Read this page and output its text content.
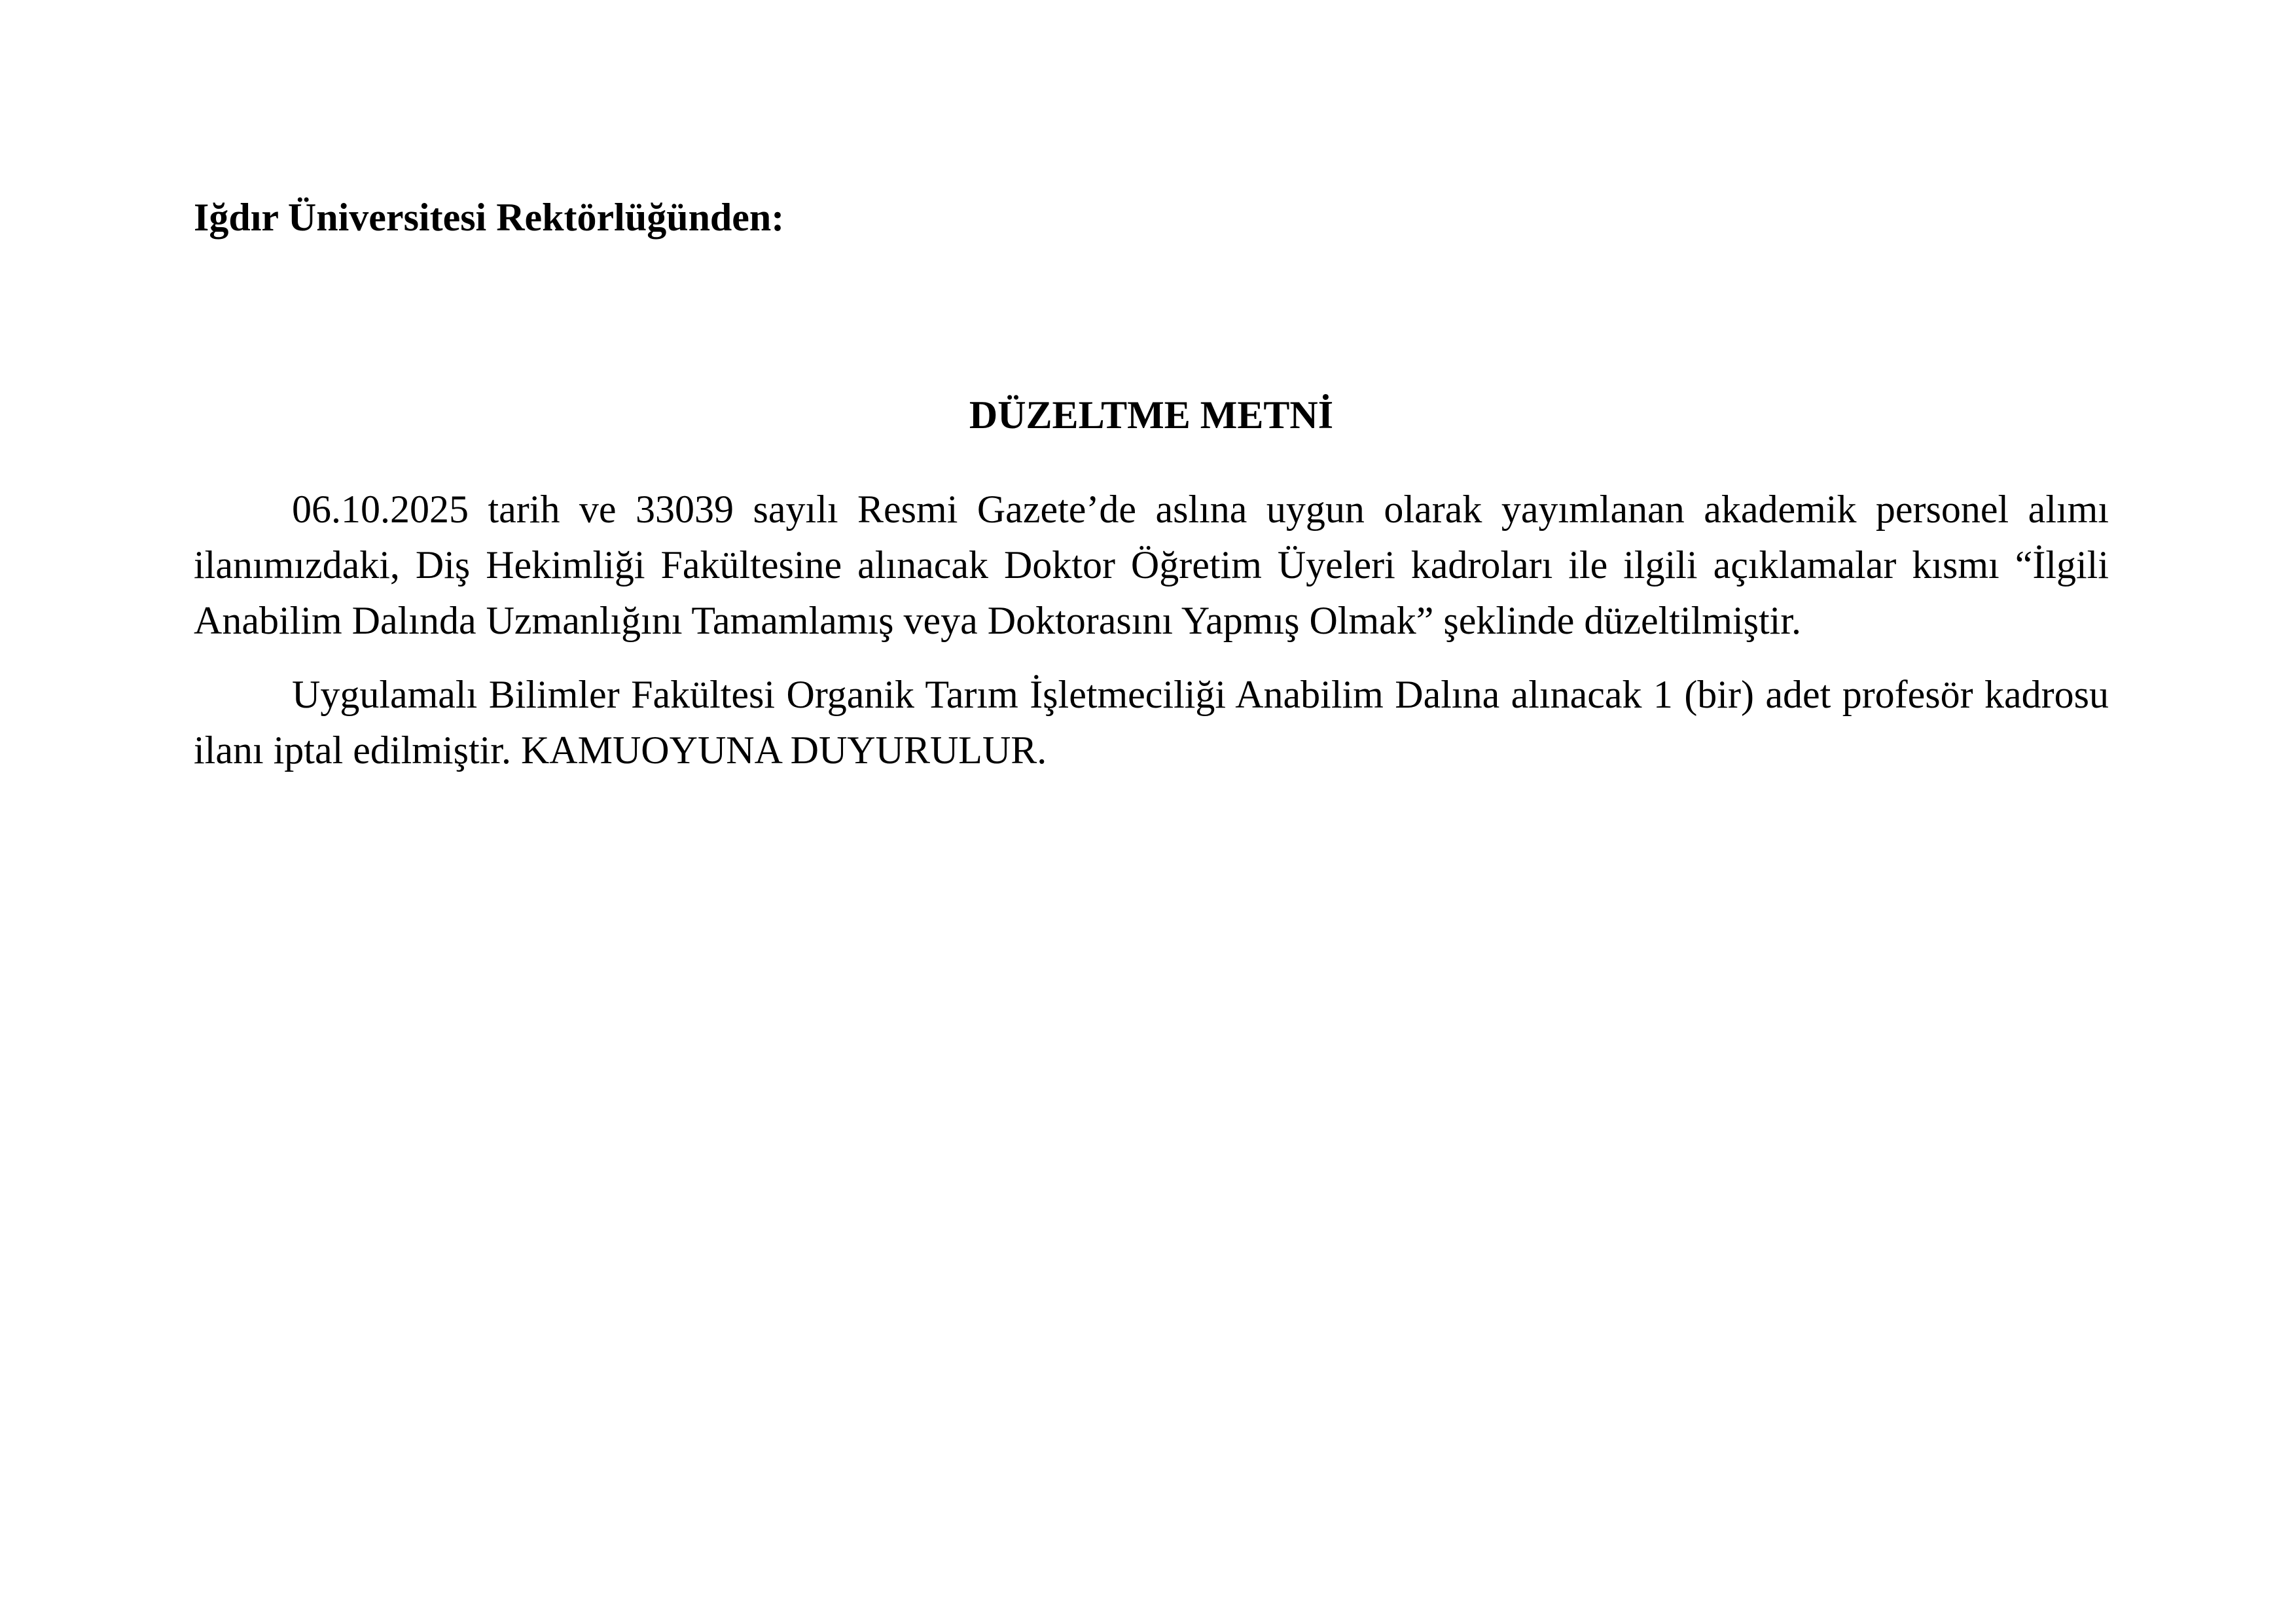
Iğdır Üniversitesi Rektörlüğünden:

DÜZELTME METNİ

06.10.2025 tarih ve 33039 sayılı Resmi Gazete’de aslına uygun olarak yayımlanan akademik personel alımı ilanımızdaki, Diş Hekimliği Fakültesine alınacak Doktor Öğretim Üyeleri kadroları ile ilgili açıklamalar kısmı “İlgili Anabilim Dalında Uzmanlığını Tamamlamış veya Doktorasını Yapmış Olmak” şeklinde düzeltilmiştir.

Uygulamalı Bilimler Fakültesi Organik Tarım İşletmeciliği Anabilim Dalına alınacak 1 (bir) adet profesör kadrosu ilanı iptal edilmiştir. KAMUOYUNA DUYURULUR.
